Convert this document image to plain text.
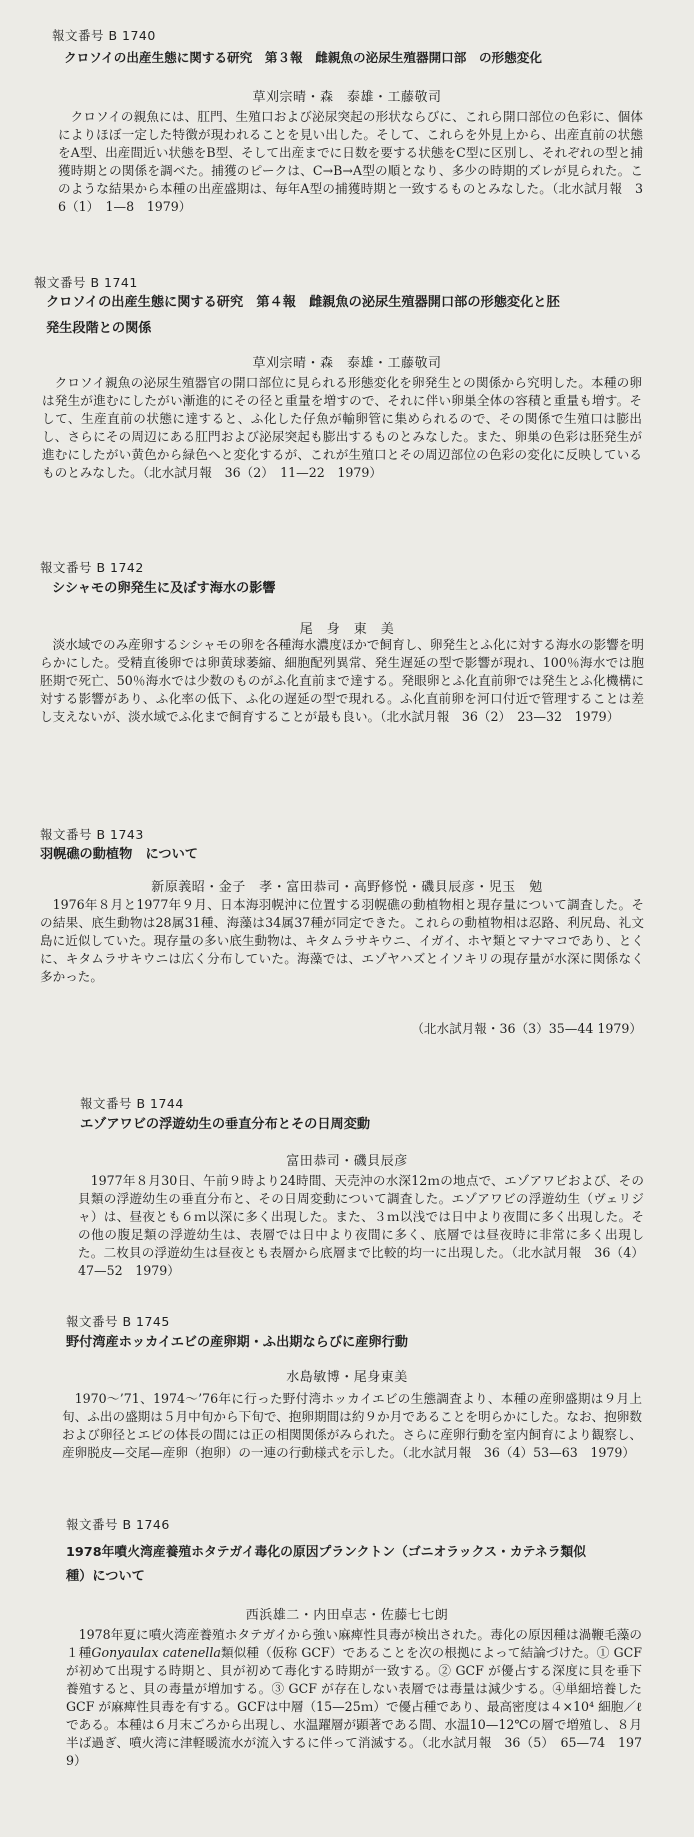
報文番号 B 1740
クロソイの出産生態に関する研究　第３報　雌親魚の泌尿生殖器開口部　の形態変化
草刈宗晴・森　泰雄・工藤敬司
クロソイの親魚には、肛門、生殖口および泌尿突起の形状ならびに、これら開口部位の色彩に、個体によりほぼ一定した特徴が現われることを見い出した。そして、これらを外見上から、出産直前の状態をA型、出産間近い状態をB型、そして出産までに日数を要する状態をC型に区別し、それぞれの型と捕獲時期との関係を調べた。捕獲のピークは、C→B→A型の順となり、多少の時期的ズレが見られた。このような結果から本種の出産盛期は、毎年A型の捕獲時期と一致するものとみなした。（北水試月報　36（1）　1—8　1979）
報文番号 B 1741
クロソイの出産生態に関する研究　第４報　雌親魚の泌尿生殖器開口部の形態変化と胚
発生段階との関係
草刈宗晴・森　泰雄・工藤敬司
クロソイ親魚の泌尿生殖器官の開口部位に見られる形態変化を卵発生との関係から究明した。本種の卵は発生が進むにしたがい漸進的にその径と重量を増すので、それに伴い卵巣全体の容積と重量も増す。そして、生産直前の状態に達すると、ふ化した仔魚が輸卵管に集められるので、その関係で生殖口は膨出し、さらにその周辺にある肛門および泌尿突起も膨出するものとみなした。また、卵巣の色彩は胚発生が進むにしたがい黄色から緑色へと変化するが、これが生殖口とその周辺部位の色彩の変化に反映しているものとみなした。（北水試月報　36（2）　11—22　1979）
報文番号 B 1742
シシャモの卵発生に及ぼす海水の影響
尾　身　東　美
淡水域でのみ産卵するシシャモの卵を各種海水濃度ほかで飼育し、卵発生とふ化に対する海水の影響を明らかにした。受精直後卵では卵黄球萎縮、細胞配列異常、発生遅延の型で影響が現れ、100％海水では胞胚期で死亡、50％海水では少数のものがふ化直前まで達する。発眼卵とふ化直前卵では発生とふ化機構に対する影響があり、ふ化率の低下、ふ化の遅延の型で現れる。ふ化直前卵を河口付近で管理することは差し支えないが、淡水域でふ化まで飼育することが最も良い。（北水試月報　36（2）　23—32　1979）
報文番号 B 1743
羽幌礁の動植物　について
新原義昭・金子　孝・富田恭司・高野修悦・磯貝辰彦・児玉　勉
1976年８月と1977年９月、日本海羽幌沖に位置する羽幌礁の動植物相と現存量について調査した。その結果、底生動物は28属31種、海藻は34属37種が同定できた。これらの動植物相は忍路、利尻島、礼文島に近似していた。現存量の多い底生動物は、キタムラサキウニ、イガイ、ホヤ類とマナマコであり、とくに、キタムラサキウニは広く分布していた。海藻では、エゾヤハズとイソキリの現存量が水深に関係なく多かった。
（北水試月報・36（3）35—44 1979）
報文番号 B 1744
エゾアワビの浮遊幼生の垂直分布とその日周変動
富田恭司・磯貝辰彦
1977年８月30日、午前９時より24時間、天売沖の水深12ｍの地点で、エゾアワビおよび、その貝類の浮遊幼生の垂直分布と、その日周変動について調査した。エゾアワビの浮遊幼生（ヴェリジャ）は、昼夜とも６ｍ以深に多く出現した。また、３ｍ以浅では日中より夜間に多く出現した。その他の腹足類の浮遊幼生は、表層では日中より夜間に多く、底層では昼夜時に非常に多く出現した。二枚貝の浮遊幼生は昼夜とも表層から底層まで比較的均一に出現した。（北水試月報　36（4）47—52　1979）
報文番号 B 1745
野付湾産ホッカイエビの産卵期・ふ出期ならびに産卵行動
水島敏博・尾身東美
1970〜’71、1974〜’76年に行った野付湾ホッカイエビの生態調査より、本種の産卵盛期は９月上旬、ふ出の盛期は５月中旬から下旬で、抱卵期間は約９か月であることを明らかにした。なお、抱卵数および卵径とエビの体長の間には正の相関関係がみられた。さらに産卵行動を室内飼育により観察し、産卵脱皮—交尾—産卵（抱卵）の一連の行動様式を示した。（北水試月報　36（4）53—63　1979）
報文番号 B 1746
1978年噴火湾産養殖ホタテガイ毒化の原因プランクトン（ゴニオラックス・カテネラ類似
種）について
西浜雄二・内田卓志・佐藤七七朗
1978年夏に噴火湾産養殖ホタテガイから強い麻痺性貝毒が検出された。毒化の原因種は渦鞭毛藻の１種Gonyaulax catenella類似種（仮称 GCF）であることを次の根拠によって結論づけた。① GCF が初めて出現する時期と、貝が初めて毒化する時期が一致する。② GCF が優占する深度に貝を垂下養殖すると、貝の毒量が増加する。③ GCF が存在しない表層では毒量は減少する。④単細培養した GCF が麻痺性貝毒を有する。GCFは中層（15—25ｍ）で優占種であり、最高密度は４×10⁴ 細胞／ℓ である。本種は６月末ごろから出現し、水温躍層が顕著である間、水温10—12℃の層で増殖し、８月半ば過ぎ、噴火湾に津軽暖流水が流入するに伴って消滅する。（北水試月報　36（5）　65—74　1979）
